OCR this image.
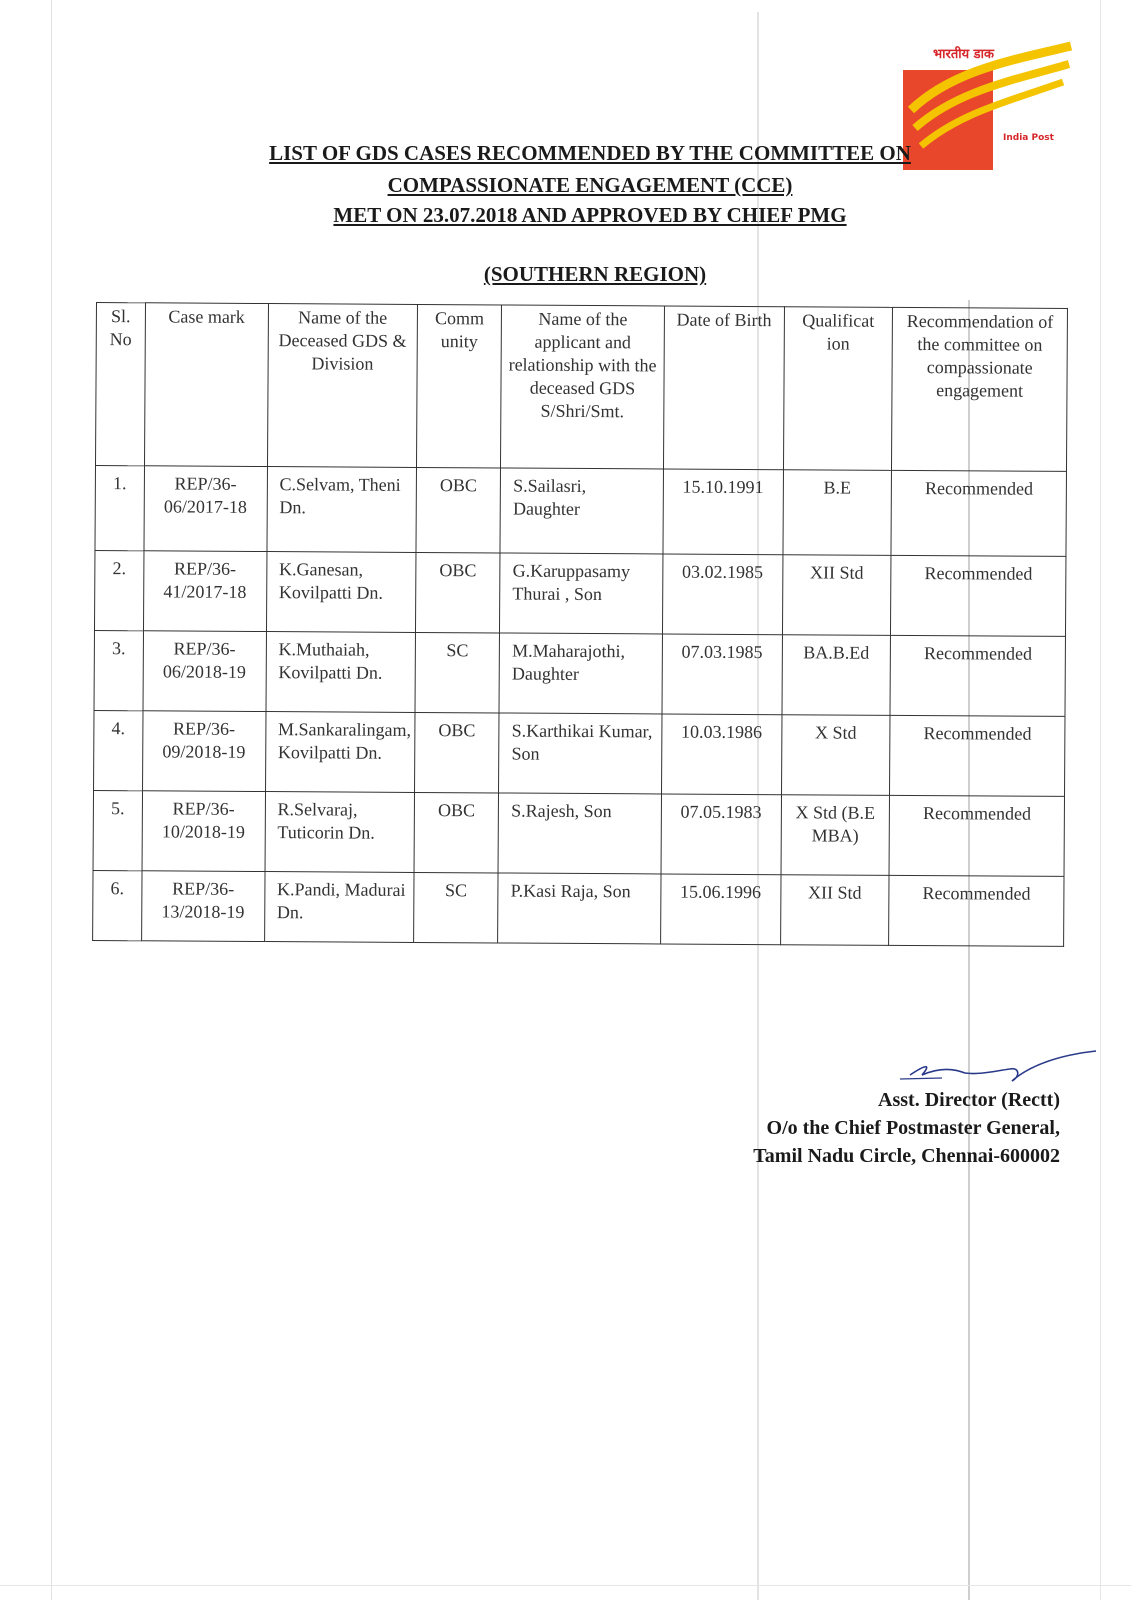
भारतीय डाक
India Post
LIST OF GDS CASES RECOMMENDED BY THE COMMITTEE ON
COMPASSIONATE ENGAGEMENT (CCE)
MET ON 23.07.2018 AND APPROVED BY CHIEF PMG
(SOUTHERN REGION)
Sl. No	Case mark	Name of the Deceased GDS & Division	Comm unity	Name of the applicant and relationship with the deceased GDS S/Shri/Smt.	Date of Birth	Qualificat ion	Recommendation of the committee on compassionate engagement
1.	REP/36-06/2017-18	C.Selvam, Theni Dn.	OBC	S.Sailasri, Daughter	15.10.1991	B.E	Recommended
2.	REP/36-41/2017-18	K.Ganesan, Kovilpatti Dn.	OBC	G.Karuppasamy Thurai , Son	03.02.1985	XII Std	Recommended
3.	REP/36-06/2018-19	K.Muthaiah, Kovilpatti Dn.	SC	M.Maharajothi, Daughter	07.03.1985	BA.B.Ed	Recommended
4.	REP/36-09/2018-19	M.Sankaralingam, Kovilpatti Dn.	OBC	S.Karthikai Kumar, Son	10.03.1986	X Std	Recommended
5.	REP/36-10/2018-19	R.Selvaraj, Tuticorin Dn.	OBC	S.Rajesh, Son	07.05.1983	X Std (B.E MBA)	Recommended
6.	REP/36-13/2018-19	K.Pandi, Madurai Dn.	SC	P.Kasi Raja, Son	15.06.1996	XII Std	Recommended
Asst. Director (Rectt)
O/o the Chief Postmaster General,
Tamil Nadu Circle, Chennai-600002
